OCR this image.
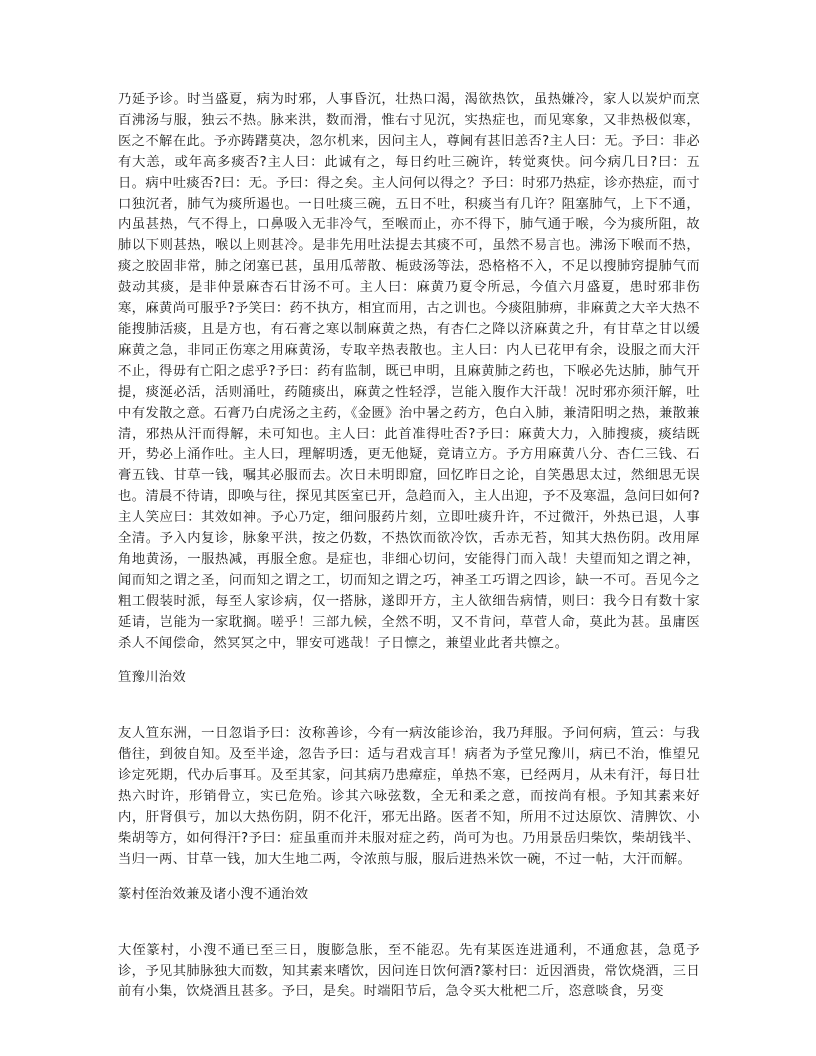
乃延予诊。时当盛夏，病为时邪，人事昏沉，壮热口渴，渴欲热饮，虽热嫌冷，家人以炭炉而烹百沸汤与服，独云不热。脉来洪，数而滑，惟右寸见沉，实热症也，而见寒象，又非热极似寒，医之不解在此。予亦踌躇莫决，忽尔机来，因问主人，尊阃有甚旧恙否?主人曰：无。予曰：非必有大恙，或年高多痰否?主人曰：此诚有之，每日约吐三碗许，转觉爽快。问今病几日?曰：五日。病中吐痰否?曰：无。予曰：得之矣。主人问何以得之？予曰：时邪乃热症，诊亦热症，而寸口独沉者，肺气为痰所遏也。一日吐痰三碗，五日不吐，积痰当有几许？阻塞肺气，上下不通，内虽甚热，气不得上，口鼻吸入无非冷气，至喉而止，亦不得下，肺气通于喉，今为痰所阻，故肺以下则甚热，喉以上则甚冷。是非先用吐法提去其痰不可，虽然不易言也。沸汤下喉而不热，痰之胶固非常，肺之闭塞已甚，虽用瓜蒂散、栀豉汤等法，恐格格不入，不足以搜肺窍提肺气而鼓动其痰，是非仲景麻杏石甘汤不可。主人曰：麻黄乃夏令所忌，今值六月盛夏，患时邪非伤寒，麻黄尚可服乎?予笑曰：药不执方，相宜而用，古之训也。今痰阻肺痹，非麻黄之大辛大热不能搜肺活痰，且是方也，有石膏之寒以制麻黄之热，有杏仁之降以济麻黄之升，有甘草之甘以缓麻黄之急，非同正伤寒之用麻黄汤，专取辛热表散也。主人曰：内人已花甲有余，设服之而大汗不止，得毋有亡阳之虑乎?予曰：药有监制，既已申明，且麻黄肺之药也，下喉必先达肺，肺气开提，痰涎必活，活则涌吐，药随痰出，麻黄之性轻浮，岂能入腹作大汗哉！况时邪亦须汗解，吐中有发散之意。石膏乃白虎汤之主药，《金匮》治中暑之药方，色白入肺，兼清阳明之热，兼散兼清，邪热从汗而得解，未可知也。主人曰：此首准得吐否?予曰：麻黄大力，入肺搜痰，痰结既开，势必上涌作吐。主人曰，理解明透，更无他疑，竟请立方。予方用麻黄八分、杏仁三钱、石膏五钱、甘草一钱，嘱其必服而去。次日未明即窟，回忆昨日之论，自笑愚思太过，然细思无误也。清晨不待请，即唤与往，探见其医室已开，急趋而入，主人出迎，予不及寒温，急问曰如何?主人笑应曰：其效如神。予心乃定，细问服药片刻，立即吐痰升许，不过微汗，外热已退，人事全清。予入内复诊，脉象平洪，按之仍数，不热饮而欲冷饮，舌赤无苔，知其大热伤阴。改用犀角地黄汤，一服热减，再服全愈。是症也，非细心切问，安能得门而入哉！夫望而知之谓之神，闻而知之谓之圣，问而知之谓之工，切而知之谓之巧，神圣工巧谓之四诊，缺一不可。吾见今之粗工假装时派，每至人家诊病，仅一搭脉，遂即开方，主人欲细告病情，则曰：我今日有数十家延请，岂能为一家耽搁。嗟乎！三部九候，全然不明，又不肯问，草菅人命，莫此为甚。虽庸医杀人不闻偿命，然冥冥之中，罪安可逃哉！子日懔之，兼望业此者共懔之。

笪豫川治效

友人笪东洲，一日忽诣予曰：汝称善诊，今有一病汝能诊治，我乃拜服。予问何病，笪云：与我偕往，到彼自知。及至半途，忽告予曰：适与君戏言耳！病者为予堂兄豫川，病已不治，惟望兄诊定死期，代办后事耳。及至其家，问其病乃患瘴症，单热不寒，已经两月，从未有汗，每日壮热六时许，形销骨立，实已危殆。诊其六咏弦数，全无和柔之意，而按尚有根。予知其素来好内，肝肾俱亏，加以大热伤阴，阴不化汗，邪无出路。医者不知，所用不过达原饮、清脾饮、小柴胡等方，如何得汗?予曰：症虽重而并未服对症之药，尚可为也。乃用景岳归柴饮，柴胡钱半、当归一两、甘草一钱，加大生地二两，令浓煎与服，服后进热米饮一碗，不过一帖，大汗而解。

篆村侄治效兼及诸小溲不通治效

大侄篆村，小溲不通已至三日，腹膨急胀，至不能忍。先有某医连进通利，不通愈甚，急觅予诊，予见其肺脉独大而数，知其素来嗜饮，因问连日饮何酒?篆村曰：近因酒贵，常饮烧酒，三日前有小集，饮烧酒且甚多。予曰，是矣。时端阳节后，急令买大枇杷二斤，恣意啖食，另变
